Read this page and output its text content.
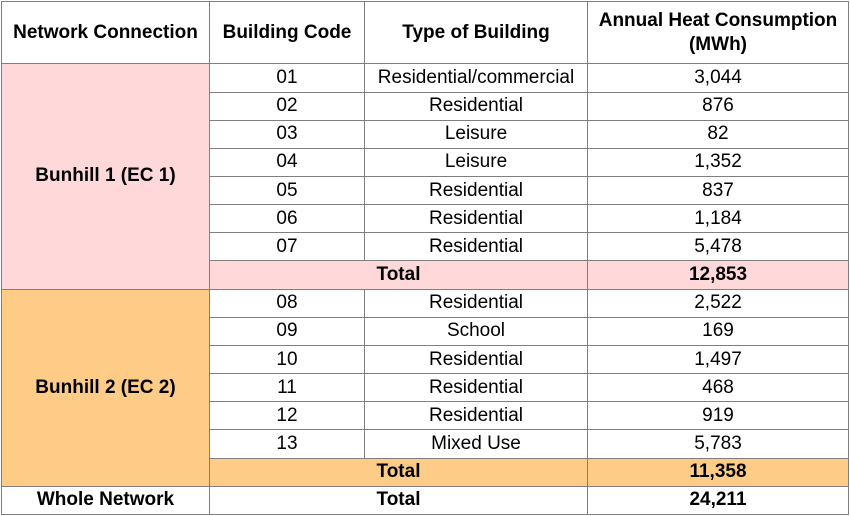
Network Connection	Building Code	Type of Building	Annual Heat Consumption (MWh)
Bunhill 1 (EC 1)	01	Residential/commercial	3,044
	02	Residential	876
	03	Leisure	82
	04	Leisure	1,352
	05	Residential	837
	06	Residential	1,184
	07	Residential	5,478
	Total		12,853
Bunhill 2 (EC 2)	08	Residential	2,522
	09	School	169
	10	Residential	1,497
	11	Residential	468
	12	Residential	919
	13	Mixed Use	5,783
	Total		11,358
Whole Network	Total		24,211
